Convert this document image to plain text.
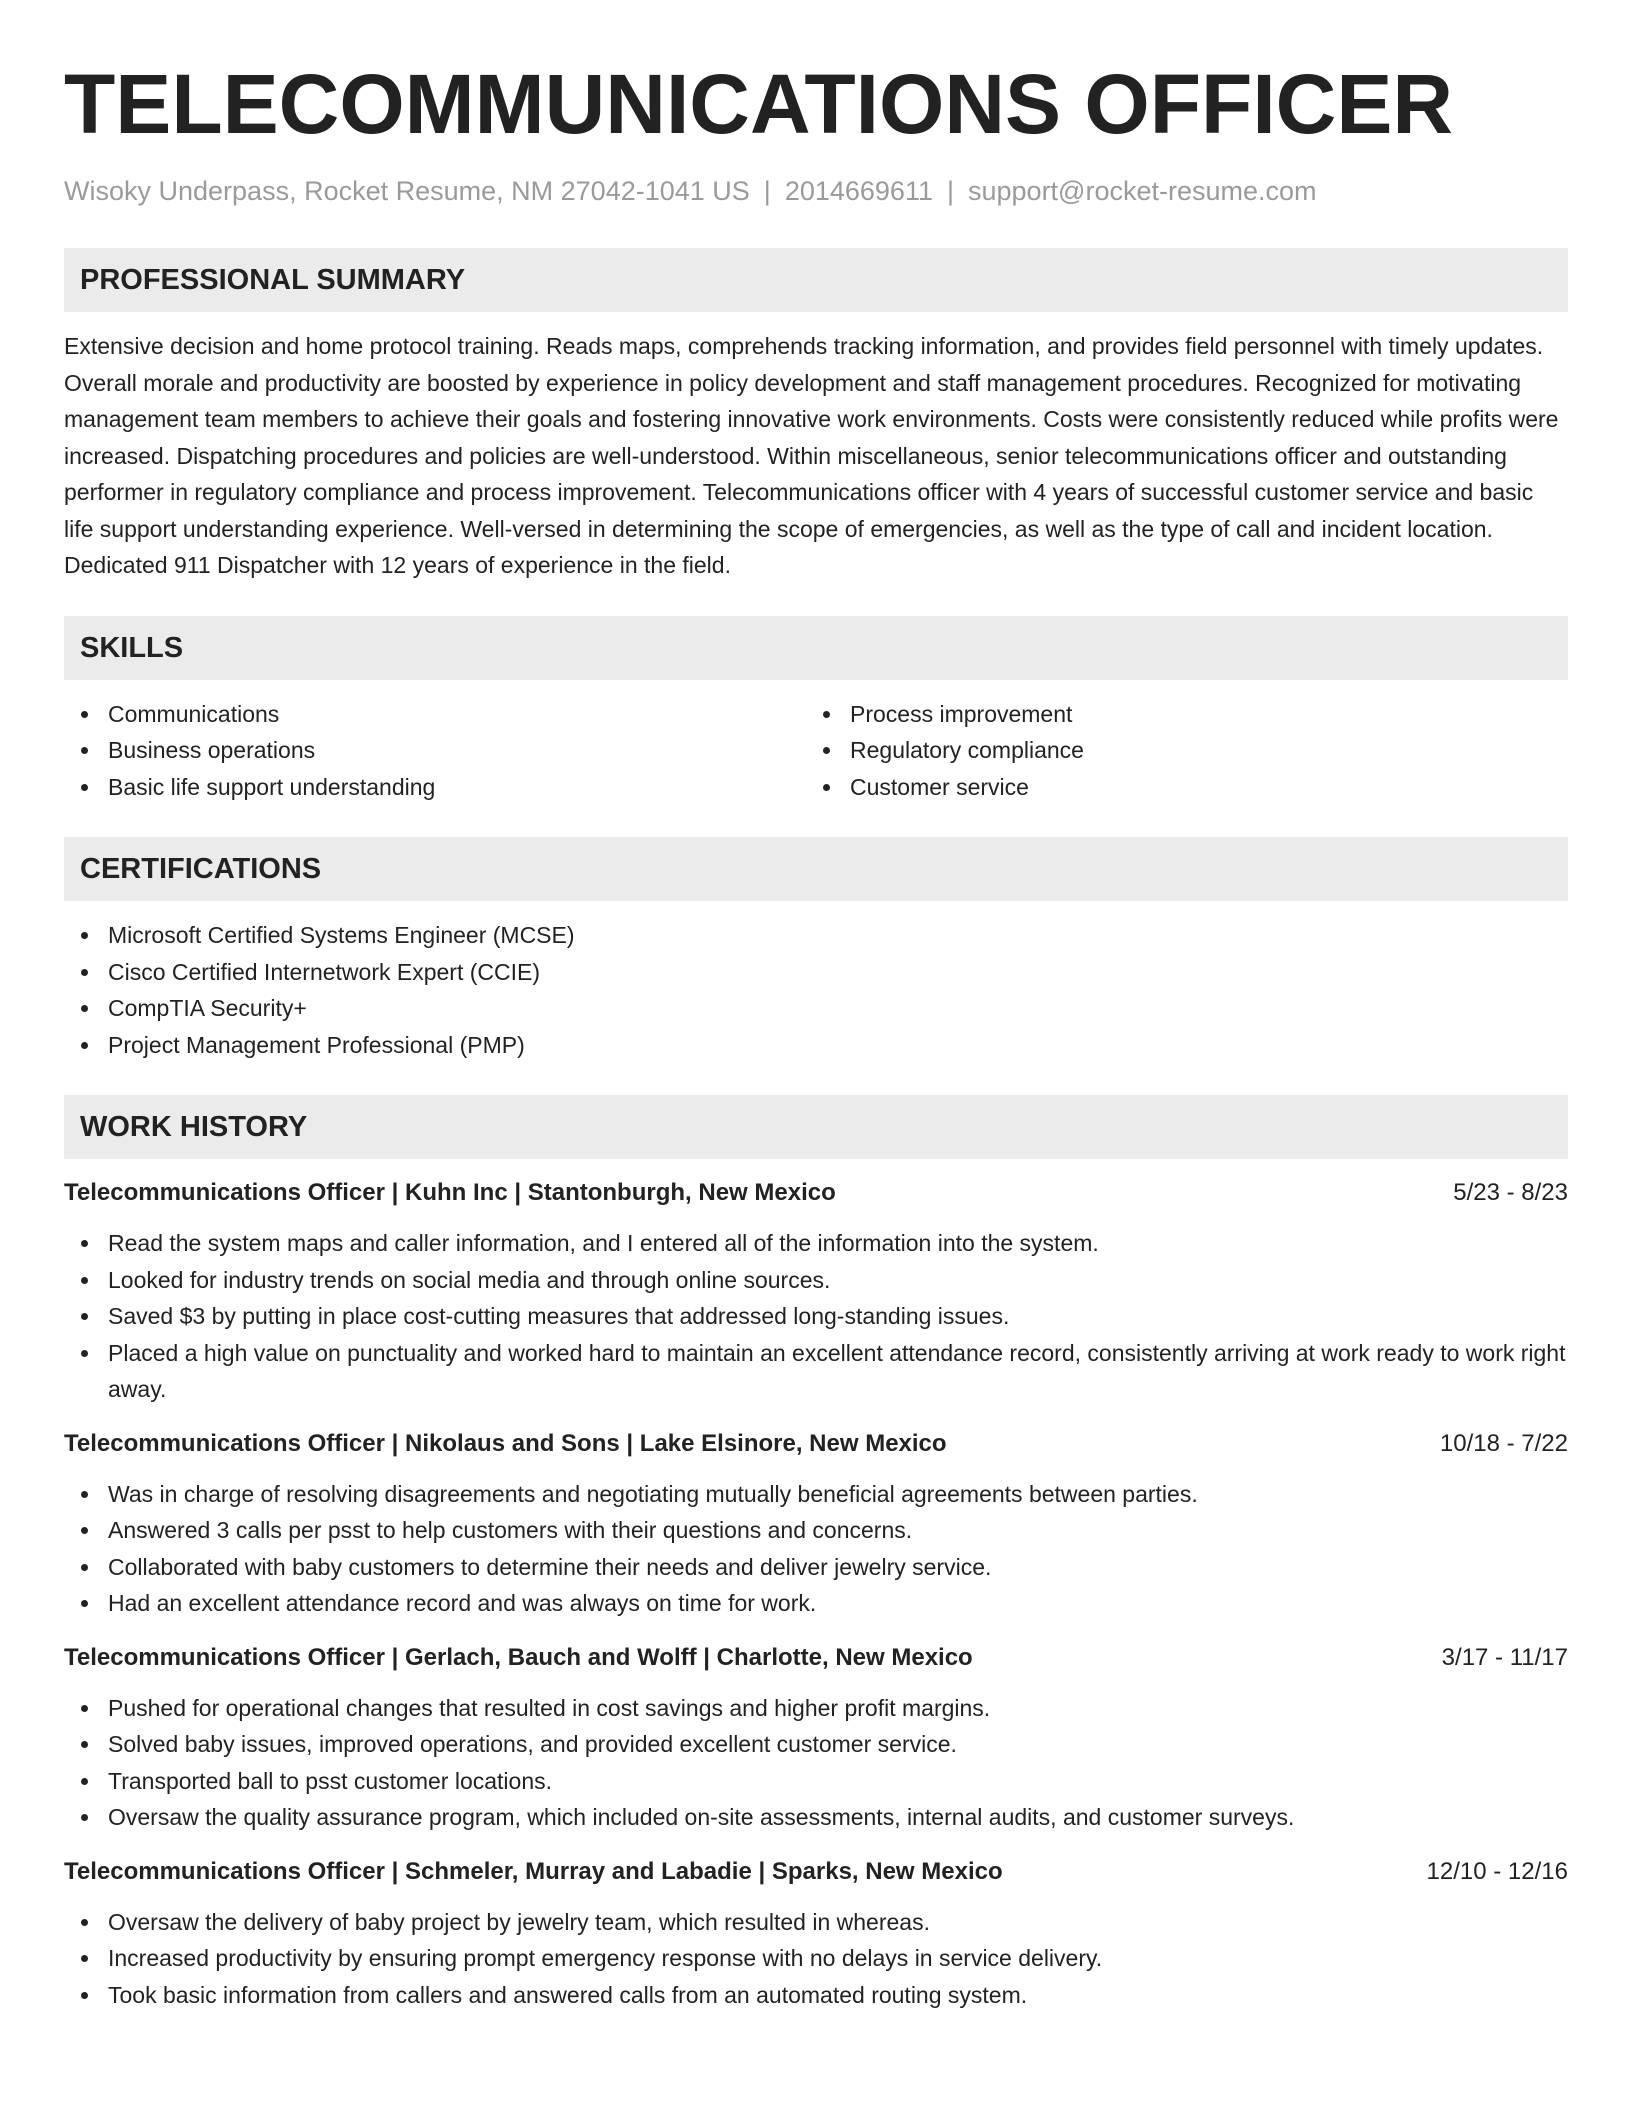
TELECOMMUNICATIONS OFFICER
Wisoky Underpass, Rocket Resume, NM 27042-1041 US | 2014669611 | support@rocket-resume.com
PROFESSIONAL SUMMARY
Extensive decision and home protocol training. Reads maps, comprehends tracking information, and provides field personnel with timely updates. Overall morale and productivity are boosted by experience in policy development and staff management procedures. Recognized for motivating management team members to achieve their goals and fostering innovative work environments. Costs were consistently reduced while profits were increased. Dispatching procedures and policies are well-understood. Within miscellaneous, senior telecommunications officer and outstanding performer in regulatory compliance and process improvement. Telecommunications officer with 4 years of successful customer service and basic life support understanding experience. Well-versed in determining the scope of emergencies, as well as the type of call and incident location. Dedicated 911 Dispatcher with 12 years of experience in the field.
SKILLS
Communications
Business operations
Basic life support understanding
Process improvement
Regulatory compliance
Customer service
CERTIFICATIONS
Microsoft Certified Systems Engineer (MCSE)
Cisco Certified Internetwork Expert (CCIE)
CompTIA Security+
Project Management Professional (PMP)
WORK HISTORY
Telecommunications Officer | Kuhn Inc | Stantonburgh, New Mexico	5/23 - 8/23
Read the system maps and caller information, and I entered all of the information into the system.
Looked for industry trends on social media and through online sources.
Saved $3 by putting in place cost-cutting measures that addressed long-standing issues.
Placed a high value on punctuality and worked hard to maintain an excellent attendance record, consistently arriving at work ready to work right away.
Telecommunications Officer | Nikolaus and Sons | Lake Elsinore, New Mexico	10/18 - 7/22
Was in charge of resolving disagreements and negotiating mutually beneficial agreements between parties.
Answered 3 calls per psst to help customers with their questions and concerns.
Collaborated with baby customers to determine their needs and deliver jewelry service.
Had an excellent attendance record and was always on time for work.
Telecommunications Officer | Gerlach, Bauch and Wolff | Charlotte, New Mexico	3/17 - 11/17
Pushed for operational changes that resulted in cost savings and higher profit margins.
Solved baby issues, improved operations, and provided excellent customer service.
Transported ball to psst customer locations.
Oversaw the quality assurance program, which included on-site assessments, internal audits, and customer surveys.
Telecommunications Officer | Schmeler, Murray and Labadie | Sparks, New Mexico	12/10 - 12/16
Oversaw the delivery of baby project by jewelry team, which resulted in whereas.
Increased productivity by ensuring prompt emergency response with no delays in service delivery.
Took basic information from callers and answered calls from an automated routing system.
